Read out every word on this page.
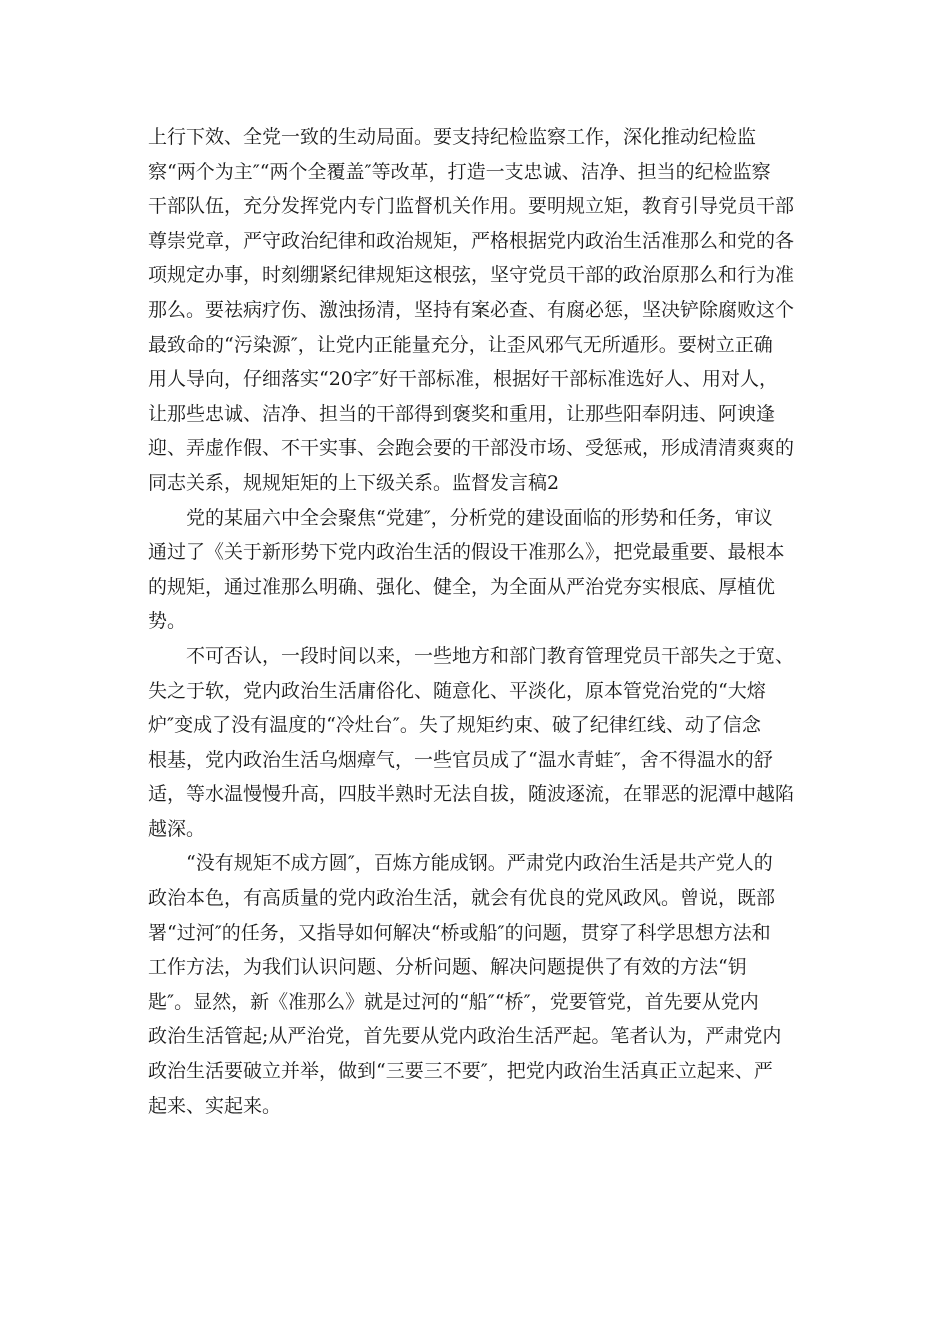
上行下效、全党一致的生动局面。要支持纪检监察工作，深化推动纪检监
察“两个为主″“两个全覆盖″等改革，打造一支忠诚、洁净、担当的纪检监察
干部队伍，充分发挥党内专门监督机关作用。要明规立矩，教育引导党员干部
尊崇党章，严守政治纪律和政治规矩，严格根据党内政治生活准那么和党的各
项规定办事，时刻绷紧纪律规矩这根弦，坚守党员干部的政治原那么和行为准
那么。要祛病疗伤、激浊扬清，坚持有案必查、有腐必惩，坚决铲除腐败这个
最致命的“污染源″，让党内正能量充分，让歪风邪气无所遁形。要树立正确
用人导向，仔细落实“20字″好干部标准，根据好干部标准选好人、用对人，
让那些忠诚、洁净、担当的干部得到褒奖和重用，让那些阳奉阴违、阿谀逢
迎、弄虚作假、不干实事、会跑会要的干部没市场、受惩戒，形成清清爽爽的
同志关系，规规矩矩的上下级关系。监督发言稿2
党的某届六中全会聚焦“党建″，分析党的建设面临的形势和任务，审议
通过了《关于新形势下党内政治生活的假设干准那么》，把党最重要、最根本
的规矩，通过准那么明确、强化、健全，为全面从严治党夯实根底、厚植优
势。
不可否认，一段时间以来，一些地方和部门教育管理党员干部失之于宽、
失之于软，党内政治生活庸俗化、随意化、平淡化，原本管党治党的“大熔
炉″变成了没有温度的“冷灶台″。失了规矩约束、破了纪律红线、动了信念
根基，党内政治生活乌烟瘴气，一些官员成了“温水青蛙″，舍不得温水的舒
适，等水温慢慢升高，四肢半熟时无法自拔，随波逐流，在罪恶的泥潭中越陷
越深。
“没有规矩不成方圆″，百炼方能成钢。严肃党内政治生活是共产党人的
政治本色，有高质量的党内政治生活，就会有优良的党风政风。曾说，既部
署“过河″的任务，又指导如何解决“桥或船″的问题，贯穿了科学思想方法和
工作方法，为我们认识问题、分析问题、解决问题提供了有效的方法“钥
匙″。显然，新《准那么》就是过河的“船″“桥″，党要管党，首先要从党内
政治生活管起;从严治党，首先要从党内政治生活严起。笔者认为，严肃党内
政治生活要破立并举，做到“三要三不要″，把党内政治生活真正立起来、严
起来、实起来。
